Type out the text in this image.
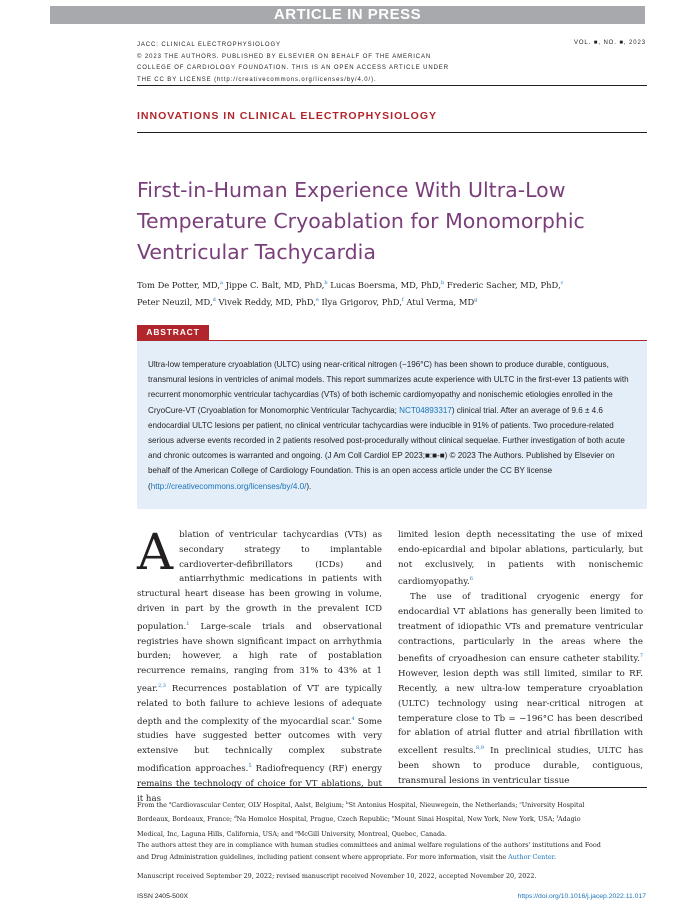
ARTICLE IN PRESS
JACC: CLINICAL ELECTROPHYSIOLOGY
© 2023 THE AUTHORS. PUBLISHED BY ELSEVIER ON BEHALF OF THE AMERICAN
COLLEGE OF CARDIOLOGY FOUNDATION. THIS IS AN OPEN ACCESS ARTICLE UNDER
THE CC BY LICENSE (http://creativecommons.org/licenses/by/4.0/).
VOL. ■, NO. ■, 2023
INNOVATIONS IN CLINICAL ELECTROPHYSIOLOGY
First-in-Human Experience With Ultra-Low Temperature Cryoablation for Monomorphic Ventricular Tachycardia
Tom De Potter, MD,$^a$ Jippe C. Balt, MD, PhD,$^b$ Lucas Boersma, MD, PhD,$^b$ Frederic Sacher, MD, PhD,$^c$
Peter Neuzil, MD,$^d$ Vivek Reddy, MD, PhD,$^e$ Ilya Grigorov, PhD,$^f$ Atul Verma, $MD^g$
ABSTRACT
Ultra-low temperature cryoablation (ULTC) using near-critical nitrogen (−196°C) has been shown to produce durable, contiguous, transmural lesions in ventricles of animal models. This report summarizes acute experience with ULTC in the first-ever 13 patients with recurrent monomorphic ventricular tachycardias (VTs) of both ischemic cardiomyopathy and nonischemic etiologies enrolled in the CryoCure-VT (Cryoablation for Monomorphic Ventricular Tachycardia; NCT04893317) clinical trial. After an average of 9.6 ± 4.6 endocardial ULTC lesions per patient, no clinical ventricular tachycardias were inducible in 91% of patients. Two procedure-related serious adverse events recorded in 2 patients resolved post-procedurally without clinical sequelae. Further investigation of both acute and chronic outcomes is warranted and ongoing. (J Am Coll Cardiol EP 2023;■:■-■) © 2023 The Authors. Published by Elsevier on behalf of the American College of Cardiology Foundation. This is an open access article under the CC BY license (http://creativecommons.org/licenses/by/4.0/).

Ablation of ventricular tachycardias (VTs) as secondary strategy to implantable cardioverter-defibrillators (ICDs) and antiarrhythmic medications in patients with structural heart disease has been growing in volume, driven in part by the growth in the prevalent ICD population.$^1$ Large-scale trials and observational registries have shown significant impact on arrhythmia burden; however, a high rate of postablation recurrence remains, ranging from 31% to 43% at 1 year.$^{2,3}$ Recurrences postablation of VT are typically related to both failure to achieve lesions of adequate depth and the complexity of the myocardial scar.$^4$ Some studies have suggested better outcomes with very extensive but technically complex substrate modification approaches.$^5$ Radiofrequency (RF) energy remains the technology of choice for VT ablations, but it has

limited lesion depth necessitating the use of mixed endo-epicardial and bipolar ablations, particularly, but not exclusively, in patients with nonischemic cardiomyopathy.$^6$

The use of traditional cryogenic energy for endocardial VT ablations has generally been limited to treatment of idiopathic VTs and premature ventricular contractions, particularly in the areas where the benefits of cryoadhesion can ensure catheter stability.$^7$ However, lesion depth was still limited, similar to RF. Recently, a new ultra-low temperature cryoablation (ULTC) technology using near-critical nitrogen at temperature close to Tb = −196°C has been described for ablation of atrial flutter and atrial fibrillation with excellent results.$^{8,9}$ In preclinical studies, ULTC has been shown to produce durable, contiguous, transmural lesions in ventricular tissue

From the $^a$Cardiovascular Center, OLV Hospital, Aalst, Belgium; $^b$St Antonius Hospital, Nieuwegein, the Netherlands; $^c$University Hospital Bordeaux, Bordeaux, France; $^d$Na Homolce Hospital, Prague, Czech Republic; $^e$Mount Sinai Hospital, New York, New York, USA; $^f$Adagio Medical, Inc, Laguna Hills, California, USA; and $^g$McGill University, Montreal, Quebec, Canada.
The authors attest they are in compliance with human studies committees and animal welfare regulations of the authors' institutions and Food and Drug Administration guidelines, including patient consent where appropriate. For more information, visit the Author Center.
Manuscript received September 29, 2022; revised manuscript received November 10, 2022, accepted November 20, 2022.
ISSN 2405-500X	https://doi.org/10.1016/j.jacep.2022.11.017
